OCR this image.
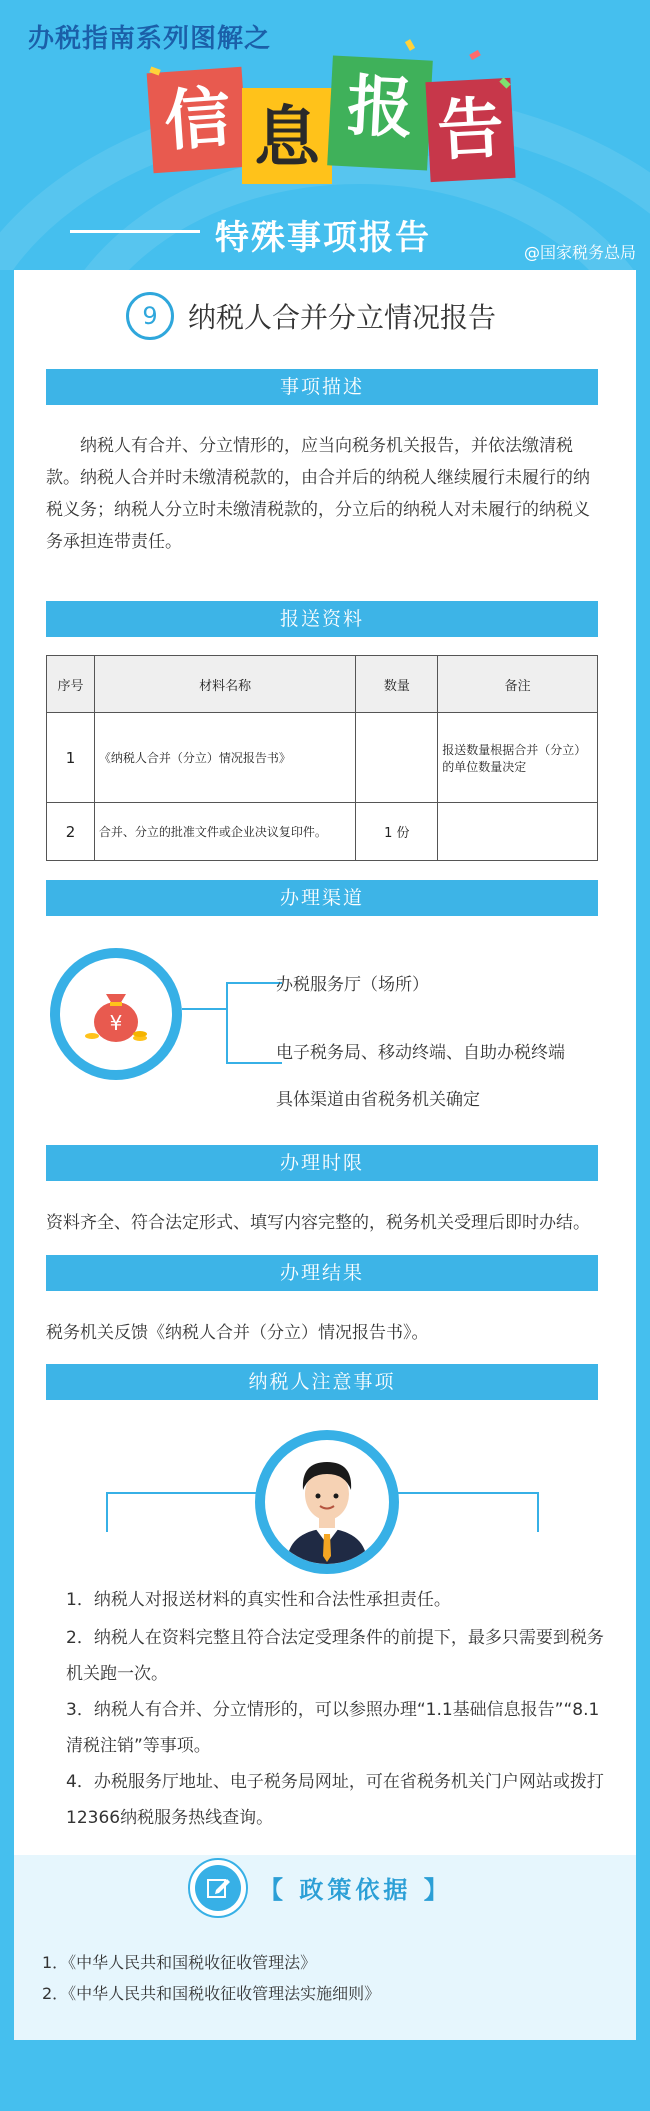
办税指南系列图解之
信 息 报 告
特殊事项报告	@国家税务总局
9	纳税人合并分立情况报告
事项描述

纳税人有合并、分立情形的，应当向税务机关报告，并依法缴清税款。纳税人合并时未缴清税款的，由合并后的纳税人继续履行未履行的纳税义务；纳税人分立时未缴清税款的，分立后的纳税人对未履行的纳税义务承担连带责任。

报送资料
序号	材料名称	数量	备注
1	《纳税人合并（分立）情况报告书》		报送数量根据合并（分立）的单位数量决定
2	合并、分立的批准文件或企业决议复印件。	1 份	
办理渠道
¥
办税服务厅（场所）
电子税务局、移动终端、自助办税终端
具体渠道由省税务机关确定
办理时限
资料齐全、符合法定形式、填写内容完整的，税务机关受理后即时办结。
办理结果
税务机关反馈《纳税人合并（分立）情况报告书》。
纳税人注意事项
1．纳税人对报送材料的真实性和合法性承担责任。
2．纳税人在资料完整且符合法定受理条件的前提下，最多只需要到税务机关跑一次。
3．纳税人有合并、分立情形的，可以参照办理“1.1基础信息报告”“8.1清税注销”等事项。
4．办税服务厅地址、电子税务局网址，可在省税务机关门户网站或拨打12366纳税服务热线查询。
【 政策依据 】
1．《中华人民共和国税收征收管理法》
2．《中华人民共和国税收征收管理法实施细则》
